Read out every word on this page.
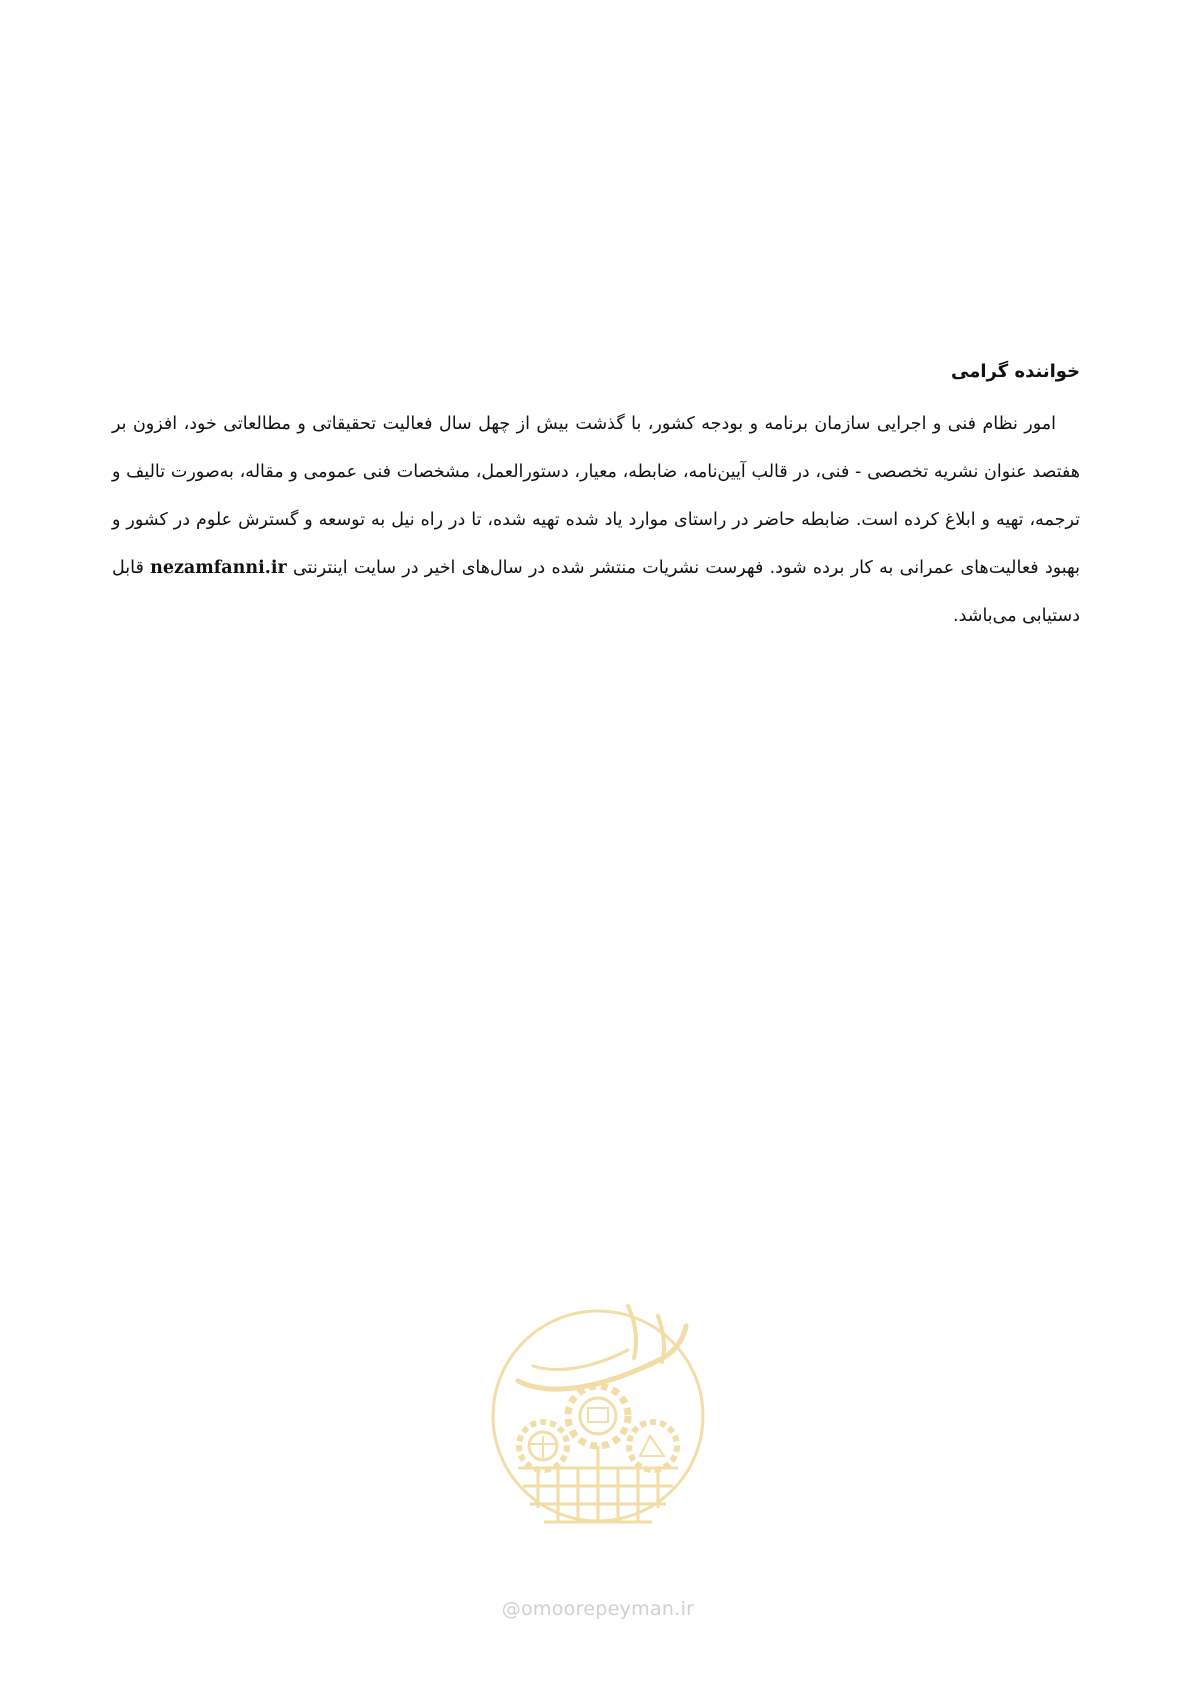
خواننده گرامی

امور نظام فنی و اجرایی سازمان برنامه و بودجه کشور، با گذشت بیش از چهل سال فعالیت تحقیقاتی و مطالعاتی خود، افزون بر هفتصد عنوان نشریه تخصصی - فنی، در قالب آیین‌نامه، ضابطه، معیار، دستورالعمل، مشخصات فنی عمومی و مقاله، به‌صورت تالیف و ترجمه، تهیه و ابلاغ کرده است. ضابطه حاضر در راستای موارد یاد شده تهیه شده، تا در راه نیل به توسعه و گسترش علوم در کشور و بهبود فعالیت‌های عمرانی به کار برده شود. فهرست نشریات منتشر شده در سال‌های اخیر در سایت اینترنتی nezamfanni.ir قابل دستیابی می‌باشد.

@omoorepeyman.ir
